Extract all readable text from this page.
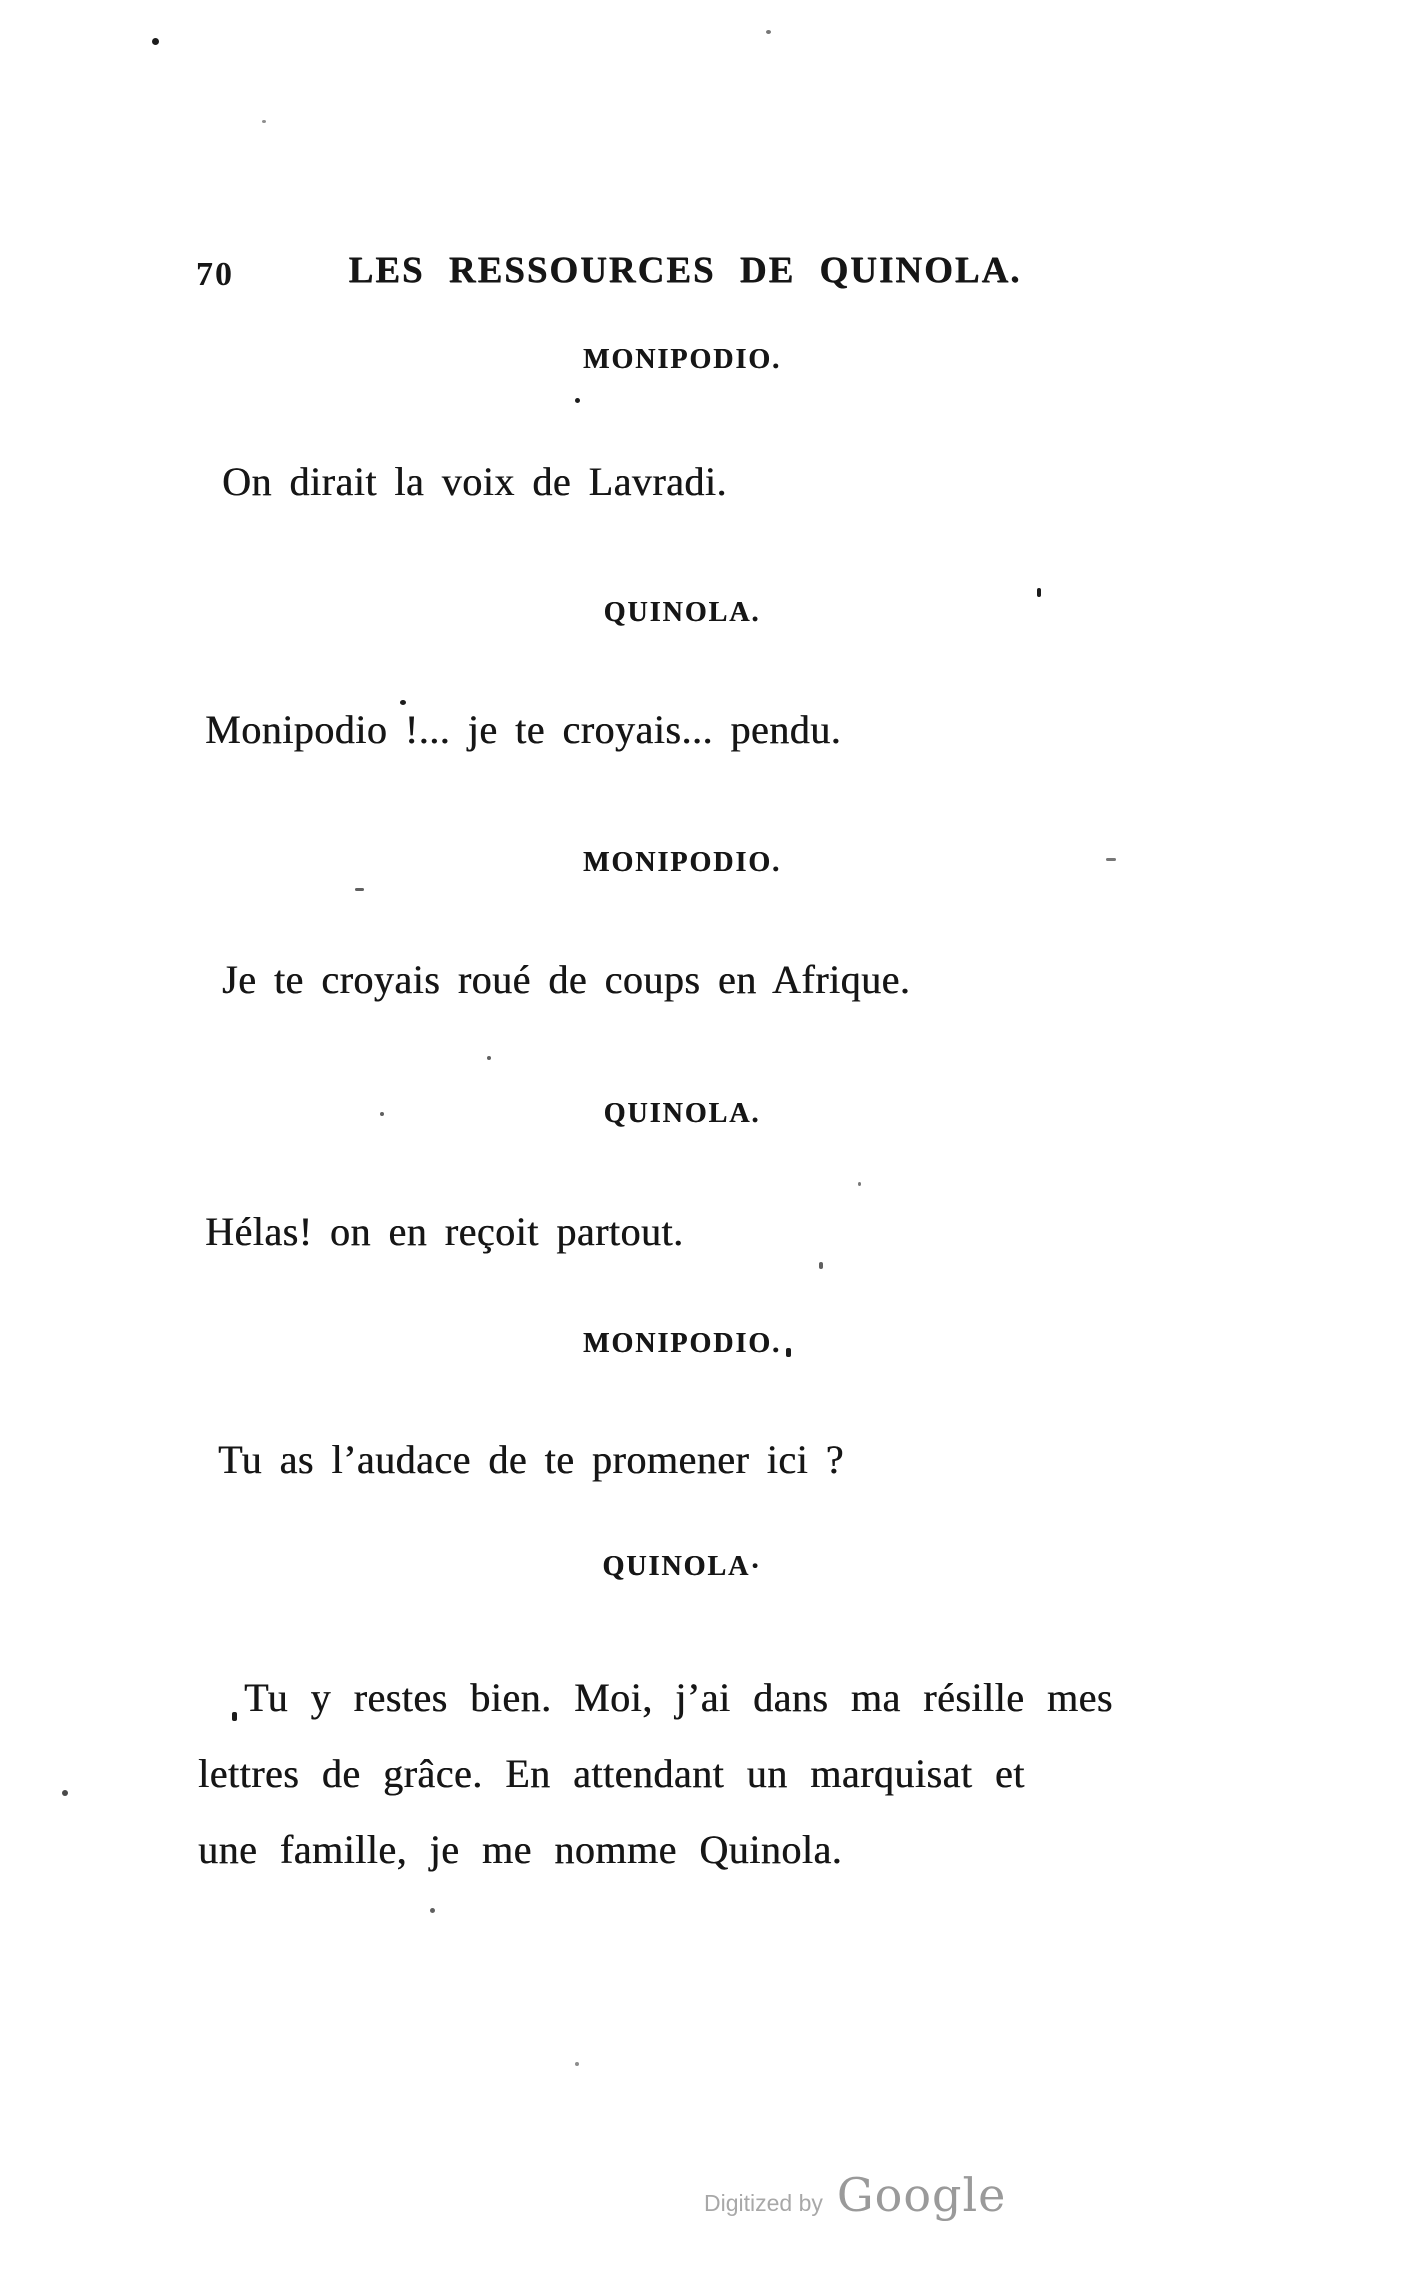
70	LES RESSOURCES DE QUINOLA.
MONIPODIO.
On dirait la voix de Lavradi.
QUINOLA.
Monipodio !... je te croyais... pendu.
MONIPODIO.
Je te croyais roué de coups en Afrique.
QUINOLA.
Hélas! on en reçoit partout.
MONIPODIO.
Tu as l’audace de te promener ici ?
QUINOLA·
Tu y restes bien. Moi, j’ai dans ma résille mes
lettres de grâce. En attendant un marquisat et
une famille, je me nomme Quinola.
Digitized by Google
